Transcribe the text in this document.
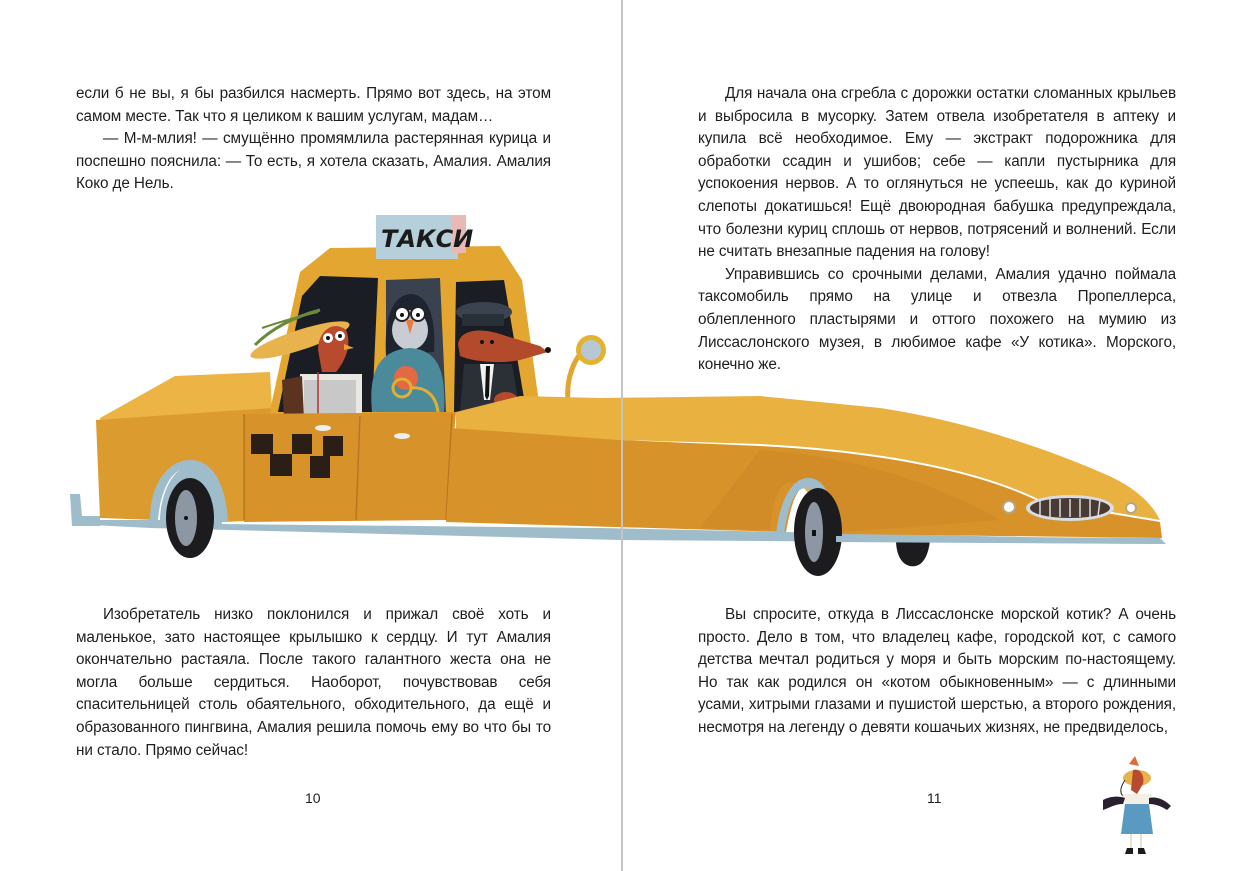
если б не вы, я бы разбился насмерть. Прямо вот здесь, на этом самом месте. Так что я целиком к вашим услугам, мадам…

— М-м-млия! — смущённо промямлила растерянная курица и поспешно пояснила: — То есть, я хотела сказать, Амалия. Амалия Коко де Нель.

Изобретатель низко поклонился и прижал своё хоть и маленькое, зато настоящее крылышко к сердцу. И тут Амалия окончательно растаяла. После такого галантного жеста она не могла больше сердиться. Наоборот, почувствовав себя спасительницей столь обаятельного, обходительного, да ещё и образованного пингвина, Амалия решила помочь ему во что бы то ни стало. Прямо сейчас!

10

Для начала она сгребла с дорожки остатки сломанных крыльев и выбросила в мусорку. Затем отвела изобретателя в аптеку и купила всё необходимое. Ему — экстракт подорожника для обработки ссадин и ушибов; себе — капли пустырника для успокоения нервов. А то оглянуться не успеешь, как до куриной слепоты докатишься! Ещё двоюродная бабушка предупреждала, что болезни куриц сплошь от нервов, потрясений и волнений. Если не считать внезапные падения на голову!

Управившись со срочными делами, Амалия удачно поймала таксомобиль прямо на улице и отвезла Пропеллерса, облепленного пластырями и оттого похожего на мумию из Лиссаслонского музея, в любимое кафе «У котика». Морского, конечно же.

Вы спросите, откуда в Лиссаслонске морской котик? А очень просто. Дело в том, что владелец кафе, городской кот, с самого детства мечтал родиться у моря и быть морским по-настоящему. Но так как родился он «котом обыкновенным» — с длинными усами, хитрыми глазами и пушистой шерстью, а второго рождения, несмотря на легенду о девяти кошачьих жизнях, не предвиделось,

11
ТАКСИ
